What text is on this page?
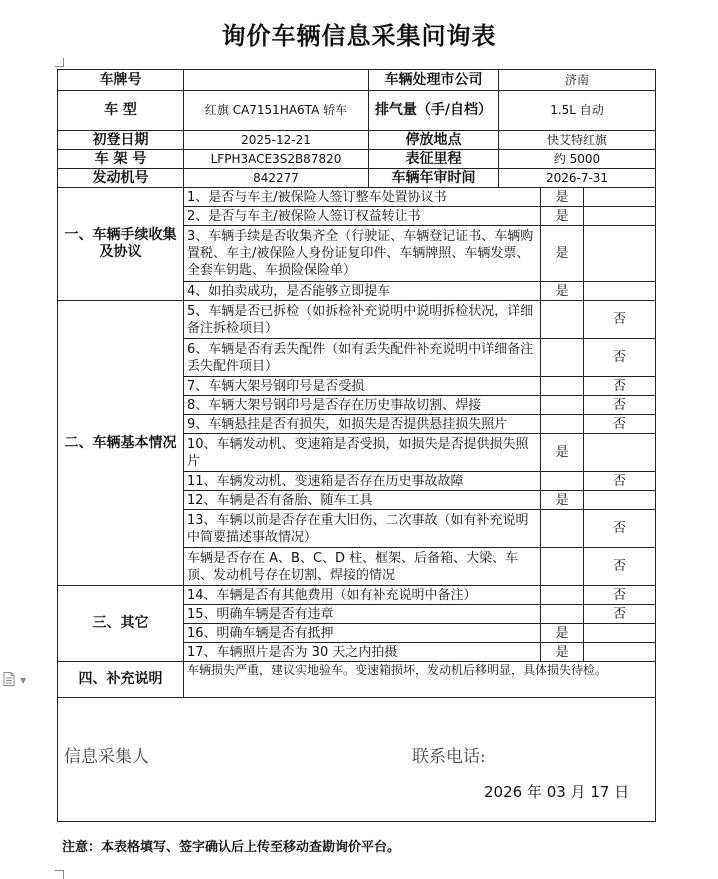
询价车辆信息采集问询表
车牌号		车辆处理市公司	济南		
车 型	红旗 CA7151HA6TA 轿车	排气量（手/自档）	1.5L 自动		
初登日期	2025-12-21	停放地点	快艾特红旗		
车 架 号	LFPH3ACE3S2B87820	表征里程	约 5000		
发动机号	842277	车辆年审时间	2026-7-31		
一、车辆手续收集及协议	1、是否与车主/被保险人签订整车处置协议书			是	
	2、是否与车主/被保险人签订权益转让书			是	
	3、车辆手续是否收集齐全（行驶证、车辆登记证书、车辆购置税、车主/被保险人身份证复印件、车辆牌照、车辆发票、全套车钥匙、车损险保险单）			是	
	4、如拍卖成功，是否能够立即提车			是	
二、车辆基本情况	5、车辆是否已拆检（如拆检补充说明中说明拆检状况，详细备注拆检项目）				否
	6、车辆是否有丢失配件（如有丢失配件补充说明中详细备注丢失配件项目）				否
	7、车辆大架号钢印号是否受损				否
	8、车辆大架号钢印号是否存在历史事故切割、焊接				否
	9、车辆悬挂是否有损失，如损失是否提供悬挂损失照片				否
	10、车辆发动机、变速箱是否受损，如损失是否提供损失照片			是	
	11、车辆发动机、变速箱是否存在历史事故故障				否
	12、车辆是否有备胎、随车工具			是	
	13、车辆以前是否存在重大旧伤、二次事故（如有补充说明中简要描述事故情况）				否
	车辆是否存在 A、B、C、D 柱、框架、后备箱、大梁、车顶、发动机号存在切割、焊接的情况				否
三、其它	14、车辆是否有其他费用（如有补充说明中备注）				否
	15、明确车辆是否有违章				否
	16、明确车辆是否有抵押			是	
	17、车辆照片是否为 30 天之内拍摄			是	
四、补充说明	车辆损失严重，建议实地验车。变速箱损坏，发动机后移明显，具体损失待检。				

信息采集人	联系电话:
2026 年 03 月 17 日
注意：本表格填写、签字确认后上传至移动查勘询价平台。
▼
